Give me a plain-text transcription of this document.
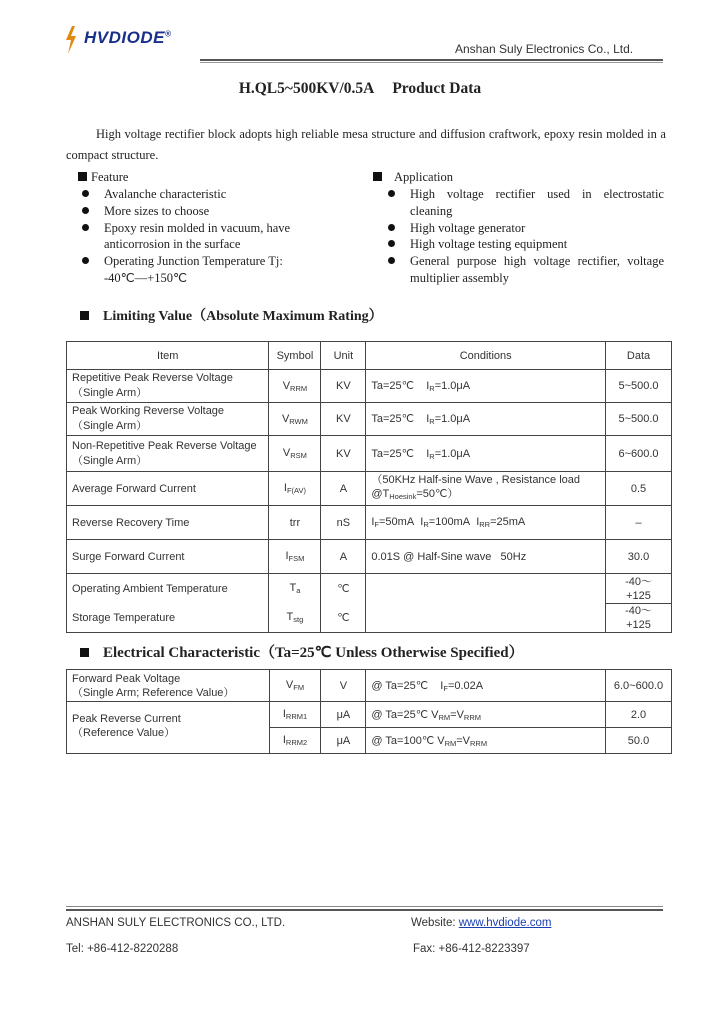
HVDIODE®
Anshan Suly Electronics Co., Ltd.
H.QL5~500KV/0.5A Product Data
High voltage rectifier block adopts high reliable mesa structure and diffusion craftwork, epoxy resin molded in a compact structure.
Feature
Avalanche characteristic
More sizes to choose
Epoxy resin molded in vacuum, have anticorrosion in the surface
Operating Junction Temperature Tj: -40℃—+150℃
Application
High voltage rectifier used in electrostatic cleaning
High voltage generator
High voltage testing equipment
General purpose high voltage rectifier, voltage multiplier assembly
Limiting Value（Absolute Maximum Rating）
Item	Symbol	Unit	Conditions	Data

Repetitive Peak Reverse Voltage
（Single Arm）	$V_{RRM}$	KV	Ta=25℃    $I_R=1.0\mu A$	5~500.0

Peak Working Reverse Voltage
（Single Arm）	$V_{RWM}$	KV	Ta=25℃    $I_R=1.0\mu A$	5~500.0

Non-Repetitive Peak Reverse Voltage
（Single Arm）	$V_{RSM}$	KV	Ta=25℃    $I_R=1.0\mu A$	6~600.0
Average Forward Current	$I_{F(AV)}$	A	（50KHz Half-sine Wave , Resistance load
$@T_{Hoesink}=50℃$）	0.5
Reverse Recovery Time	trr	nS	$I_F=50mA$ $I_R=100mA$ $I_{RR}=25mA$	–
Surge Forward Current	$I_{FSM}$	A	0.01S @ Half-Sine wave   50Hz	30.0
Operating Ambient Temperature	$T_a$	℃		-40～
+125

Storage Temperature	$T_{stg}$	℃		-40～
+125
Electrical Characteristic（Ta=25℃ Unless Otherwise Specified）
Forward Peak Voltage
（Single Arm; Reference Value）	$V_{FM}$	V	@ Ta=25℃    $I_F=0.02A$	6.0~600.0

Peak Reverse Current
（Reference Value）	$I_{RRM1}$	μA	@ Ta=25℃ $V_{RM}=V_{RRM}$	2.0
	$I_{RRM2}$	μA	@ Ta=100℃ $V_{RM}=V_{RRM}$	50.0
ANSHAN SULY ELECTRONICS CO., LTD.	Website: www.hvdiode.com
Tel: +86-412-8220288	Fax: +86-412-8223397
